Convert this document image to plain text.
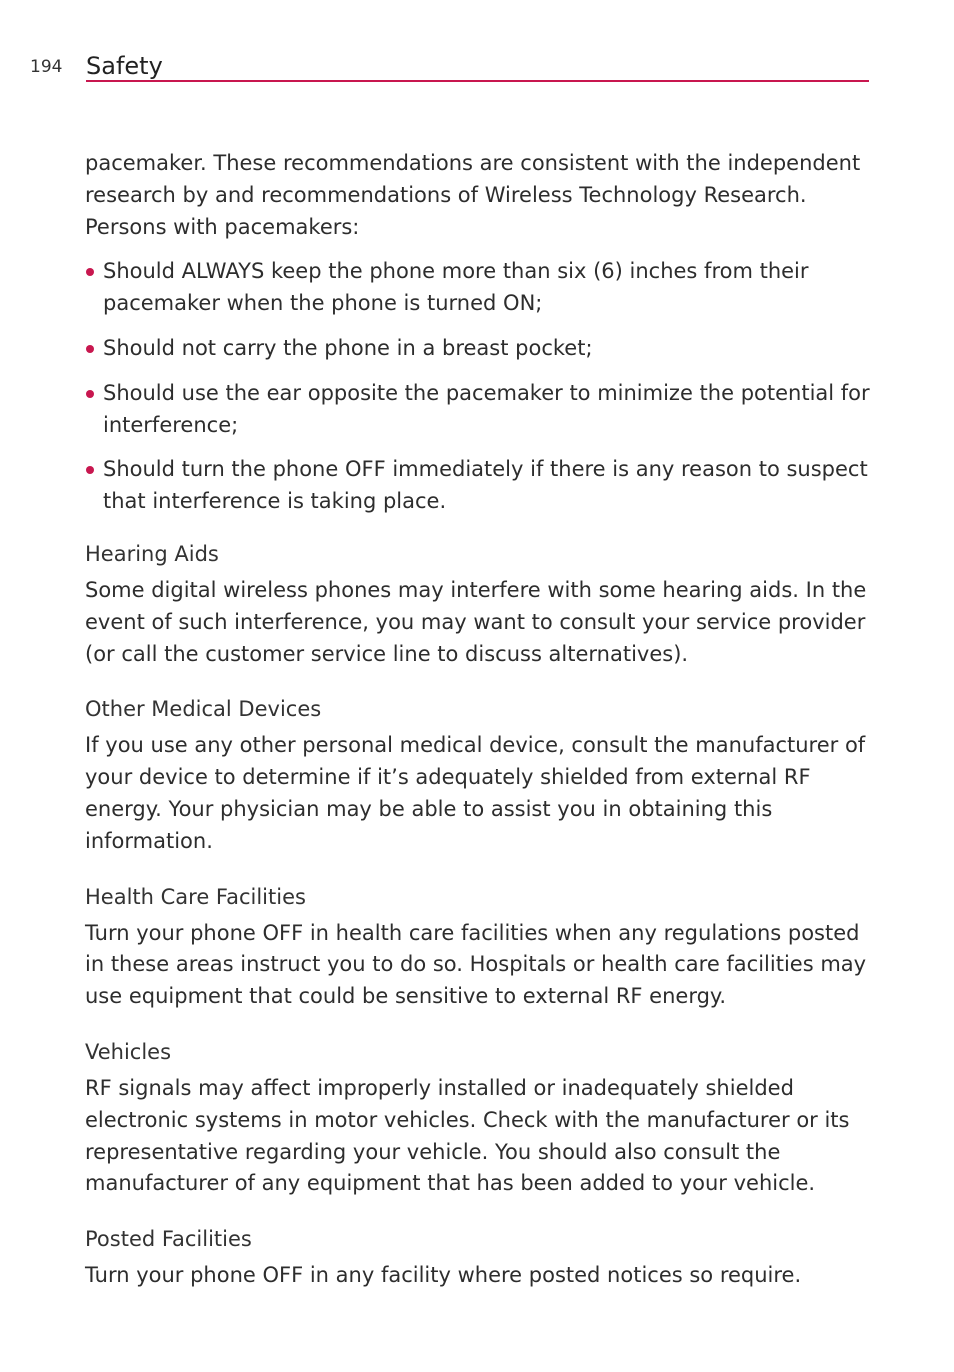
194 Safety

pacemaker. These recommendations are consistent with the independent research by and recommendations of Wireless Technology Research. Persons with pacemakers:

Should ALWAYS keep the phone more than six (6) inches from their pacemaker when the phone is turned ON;
Should not carry the phone in a breast pocket;
Should use the ear opposite the pacemaker to minimize the potential for interference;
Should turn the phone OFF immediately if there is any reason to suspect that interference is taking place.
Hearing Aids

Some digital wireless phones may interfere with some hearing aids. In the event of such interference, you may want to consult your service provider (or call the customer service line to discuss alternatives).

Other Medical Devices

If you use any other personal medical device, consult the manufacturer of your device to determine if it’s adequately shielded from external RF energy. Your physician may be able to assist you in obtaining this information.

Health Care Facilities

Turn your phone OFF in health care facilities when any regulations posted in these areas instruct you to do so. Hospitals or health care facilities may use equipment that could be sensitive to external RF energy.

Vehicles

RF signals may affect improperly installed or inadequately shielded electronic systems in motor vehicles. Check with the manufacturer or its representative regarding your vehicle. You should also consult the manufacturer of any equipment that has been added to your vehicle.

Posted Facilities

Turn your phone OFF in any facility where posted notices so require.
